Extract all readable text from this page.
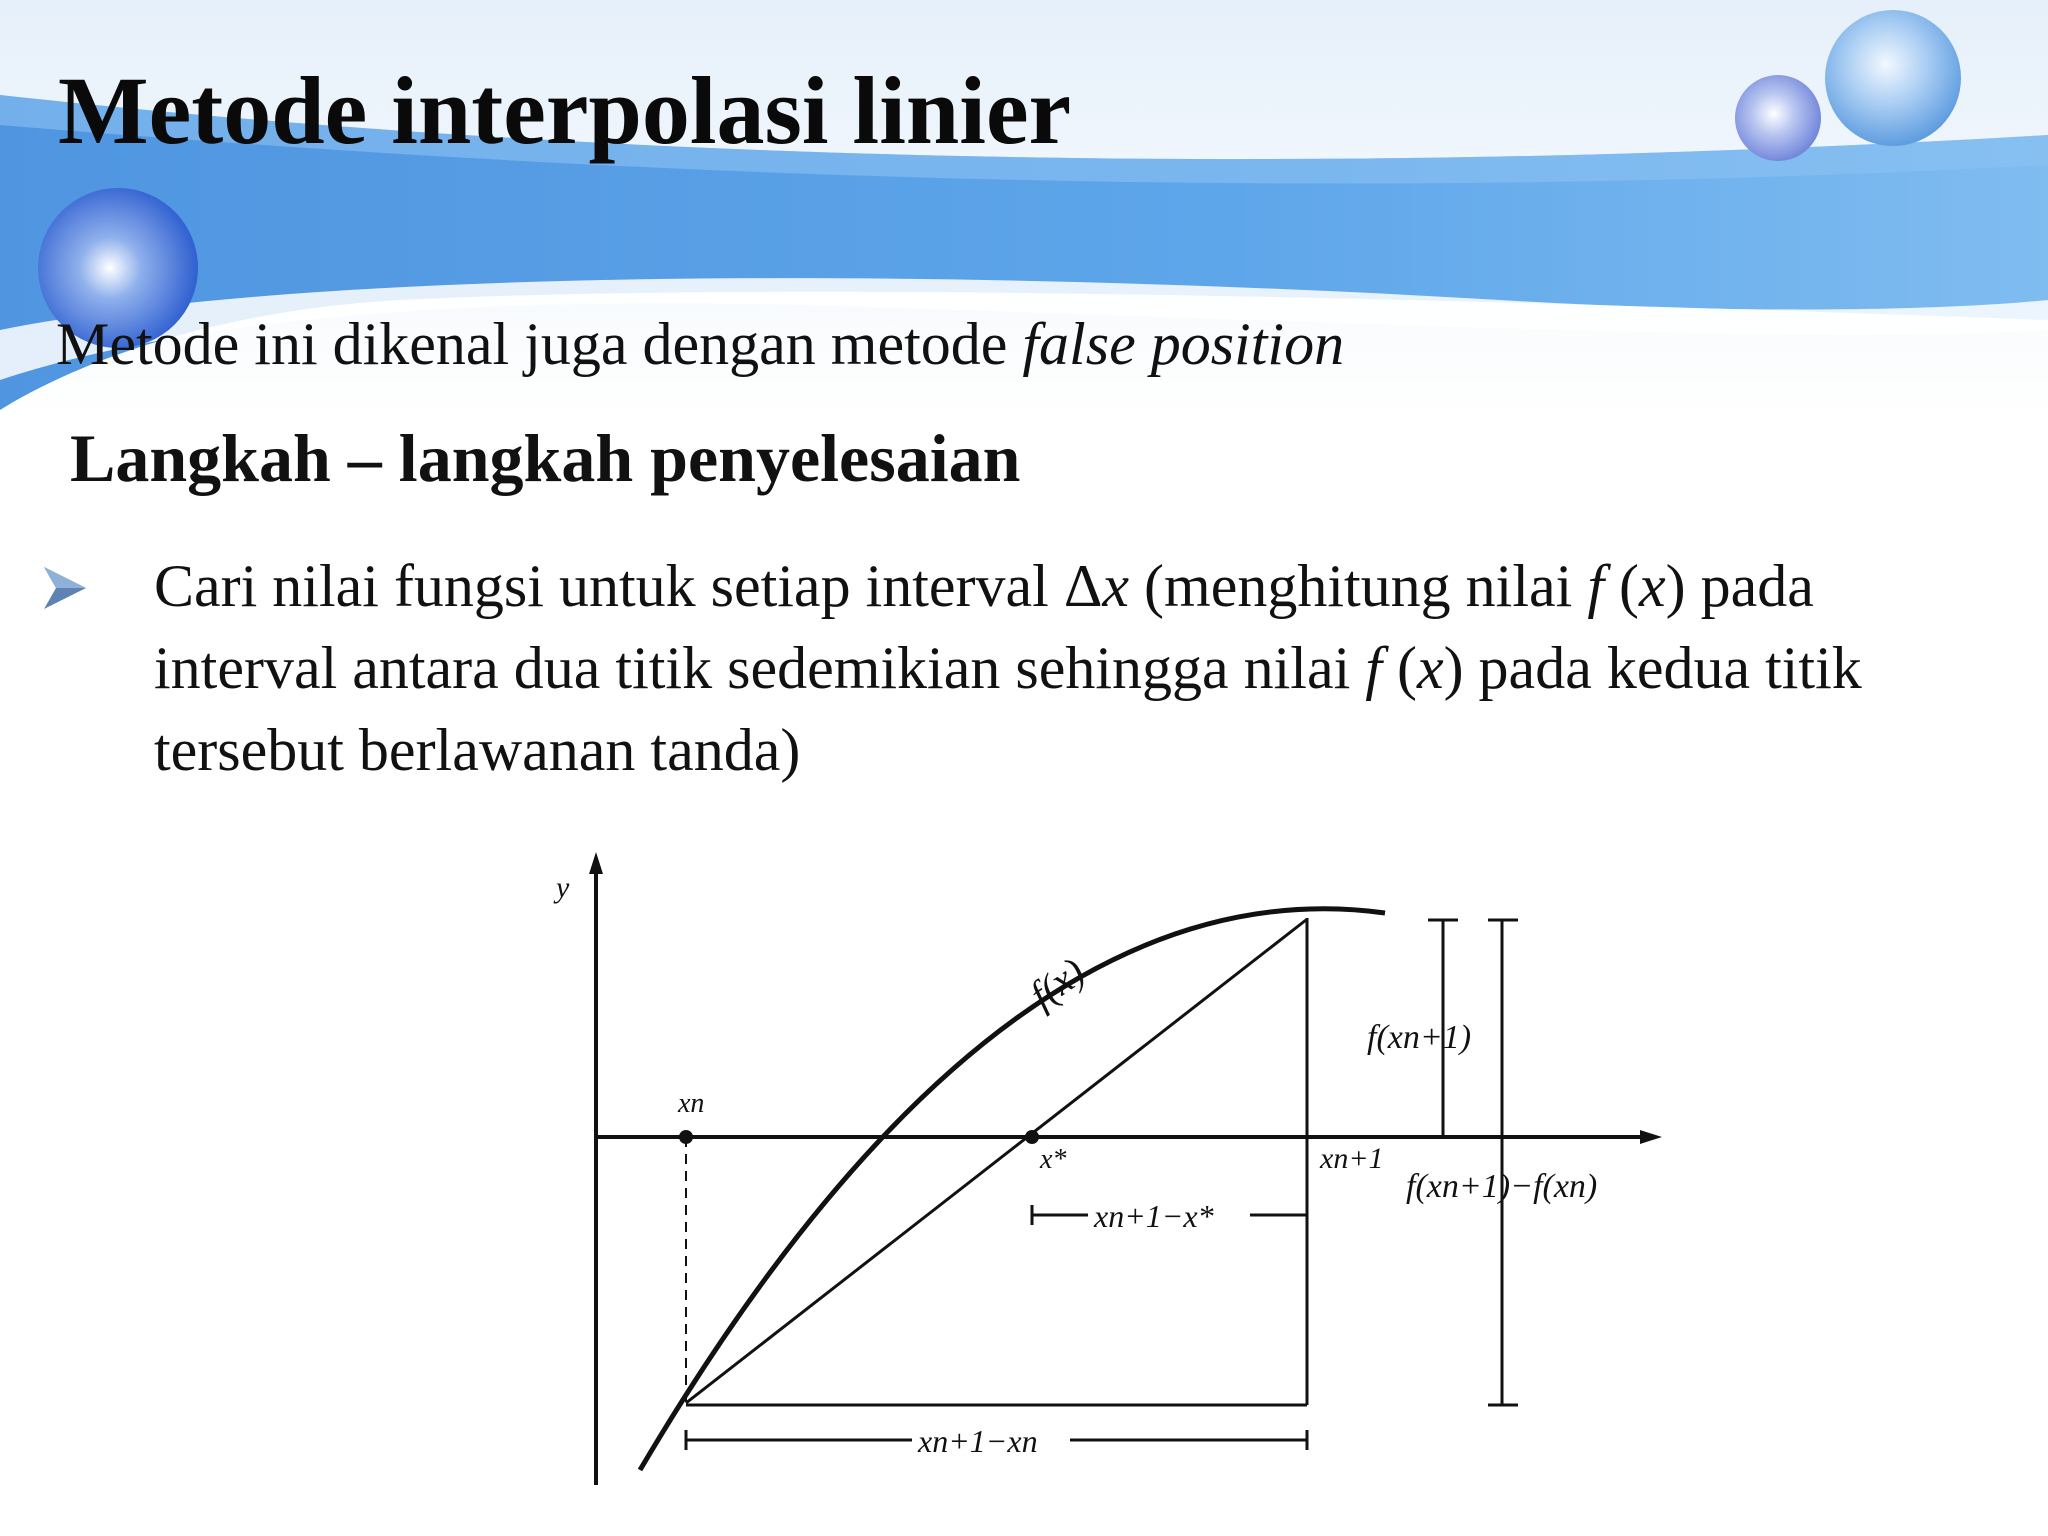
Metode interpolasi linier
Metode ini dikenal juga dengan metode false position
Langkah – langkah penyelesaian
Cari nilai fungsi untuk setiap interval Δx (menghitung nilai f (x) pada interval antara dua titik sedemikian sehingga nilai f (x) pada kedua titik tersebut berlawanan tanda)
y
f(x)
xn
x*	xn+1
f(xn+1)
f(xn+1)−f(xn)
xn+1−x*
xn+1−xn
